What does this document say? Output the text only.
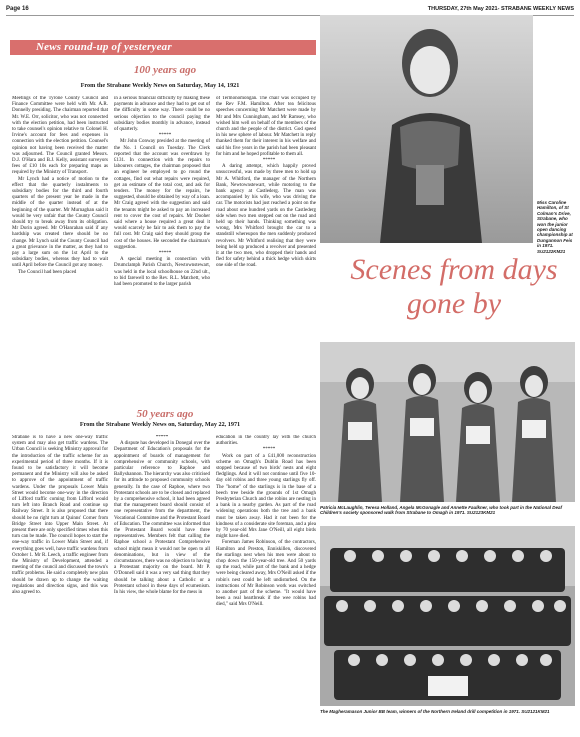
Page 16	THURSDAY, 27th May 2021- STRABANE WEEKLY NEWS
News round-up of yesteryear
100 years ago
From the Strabane Weekly News on Saturday, May 14, 1921

Meetings of the Tyrone County Council and Finance Committee were held with Mr. A.R. Donnelly presiding. The chairman reported that Mr. W.E. Orr, solicitor, who was not connected with the election petition, had been instructed to take counsel's opinion relative to Colonel H. Irvine's account for fees and expenses in connection with the election petition. Counsel's opinion not having been received the matter was adjourned. The Council granted Messrs. D.J. O'Hara and B.J. Kelly, assistant surveyors fees of £10 10s each for preparing maps as required by the Ministry of Transport.

Mr Lynch had a notice of motion to the effect that the quarterly instalments to subsidiary bodies for the third and fourth quarters of the present year be made in the middle of the quarter instead of at the beginning of the quarter. Mr Murnaghan said it would be very unfair that the County Council should try to break away from its obligation. Mr Dorin agreed. Mr O'Hanrahan said if any hardship was created there should be no change. Mr Lynch said the County Council had a great grievance in the matter, as they had to pay a large sum on the 1st April to the subsidiary bodies, whereas they had to wait until April before the Council got any money.

The Council had been placed

in a serious financial difficulty by making these payments in advance and they had to get out of the difficulty in some way. There could be no serious objection to the council paying the subsidiary bodies monthly in advance, instead of quarterly.

*****

Mr John Conway presided at the meeting of the No. 1 Council on Tuesday. The Clerk reported that the account was overdrawn by £131. In connection with the repairs to labourers cottages, the chairman proposed that an engineer be employed to go round the cottages, find out what repairs were required, get an estimate of the total cost, and ask for tenders. The money for the repairs, he suggested, should be obtained by way of a loan. Mr Craig agreed with the suggestion and said the tenants might be asked to pay an increased rent to cover the cost of repairs. Mr Dooher said where a house required a great deal it would scarcely be fair to ask them to pay the full cost. Mr Craig said they should group the cost of the houses. He seconded the chairman's suggestion.

*****

A special meeting in connection with Drumclamph Parish Church, Newtownstewart, was held in the local schoolhouse on 22nd ult., to bid farewell to the Rev. R.L. Matchett, who had been promoted to the larger parish

of Termonomongan. The chair was occupied by the Rev F.M. Hamilton. After tea felicitous speeches concerning Mr Matchett were made by Mr and Mrs Cunningham, and Mr Ramsey, who wished him well on behalf of the members of the church and the people of the district. God speed in his new sphere of labour. Mr Matchett in reply thanked them for their interest in his welfare and said his five years in the parish had been pleasant for him and he hoped profitable to them all.

*****

A daring attempt, which happily proved unsuccessful, was made by three men to hold up Mr A. Whitford, the manager of the Northern Bank, Newtownstewart, while motoring to the bank agency at Castlederg. The man was accompanied by his wife, who was driving the car. The motorists had just reached a point on the road about one hundred yards on the Castlederg side when two men stepped out on the road and held up their hands. Thinking something was wrong, Mrs Whitford brought the car to a standstill whereupon the men suddenly produced revolvers. Mr Whitford realising that they were being held up produced a revolver and presented it at the two men, who dropped their hands and fled for safety behind a thick hedge which skirts one side of the road.

50 years ago
From the Strabane Weekly News on, Saturday, May 22, 1971

Strabane is to have a new one-way traffic system and may also get traffic wardens. The Urban Council is seeking Ministry approval for the introduction of the traffic scheme for an experimental period of three months. If it is found to be satisfactory it will become permanent and the Ministry will also be asked to approve of the appointment of traffic wardens. Under the proposals Lower Main Street would become one-way in the direction of Lifford traffic coming from Lifford would turn left into Branch Road and continue up Railway Street. It is also proposed that there should be no right turn at Quinns' Corner from Bridge Street into Upper Main Street. At present there are only specified times when this turn can be made. The council hopes to start the one-way traffic in Lower Main Street and, if everything goes well, have traffic wardens from October 1. Mr R. Leech, a traffic engineer from the Ministry of Development, attended a meeting of the council and discussed the town's traffic problems. He said a completely new plan should be drawn up to change the waiting regulations and direction signs, and this was also agreed to.

*****

A dispute has developed in Donegal over the Department of Education's proposals for the appointment of boards of management for comprehensive or community schools, with particular reference to Raphoe and Ballyshannon. The hierarchy was also criticised for its attitude to proposed community schools generally. In the case of Raphoe, where two Protestant schools are to be closed and replaced by a comprehensive school, it had been agreed that the management board should consist of one representative from the department, the Vocational Committee and the Protestant Board of Education. The committee was informed that the Protestant Board would have three representatives. Members felt that calling the Raphoe school a Protestant Comprehensive school might mean it would not be open to all denominations, but in view of the circumstances, there was no objection to having a Protestant majority on the board. Mr P. O'Donnell said it was a very sad thing that they should be talking about a Catholic or a Protestant school in these days of ecumenism. In his view, the whole blame for the mess in

education in the country lay with the church authorities.

*****

Work on part of a £41,000 reconstruction scheme on Omagh's Dublin Road has been stopped because of two birds' nests and eight fledglings. And it will not continue until five 10-day old robins and three young starlings fly off. The "home" of the starlings is in the base of a beech tree beside the grounds of 1st Omagh Presbyterian Church and the robins are nesting in a bank in a nearby garden. As part of the road widening operations both the tree and a bank must be taken away. Had it not been for the kindness of a considerate site foreman, and a plea by 70 year-old Mrs Jane O'Neill, all eight birds might have died.

Foreman James Robinson, of the contractors, Hamilton and Preston, Enniskillen, discovered the starlings nest when his men were about to chop down the 150-year-old tree. And 50 yards up the road, while part of the bank and a hedge were being cleared away, Mrs O'Neill asked if the robin's nest could be left undisturbed. On the instructions of Mr Robinson work was switched to another part of the scheme. "It would have been a real heartbreak if the wee robins had died," said Mrs O'Neill.

Miss Caroline Hamilton, of St Colman's Drive, Strabane, who won the junior open dancing championship at Dungannon Feis in 1971. SU2122KM21
Scenes from days gone by
Patricia McLaughlin, Teresa Holland, Angela McGonagle and Annette Faulkner, who took part in the National Deaf Children's society sponsored walk from Strabane to Omagh in 1971. SU2123KM21
The Magheramason Junior BB team, winners of the Northern Ireland drill competition in 1971. SU2121KM21
